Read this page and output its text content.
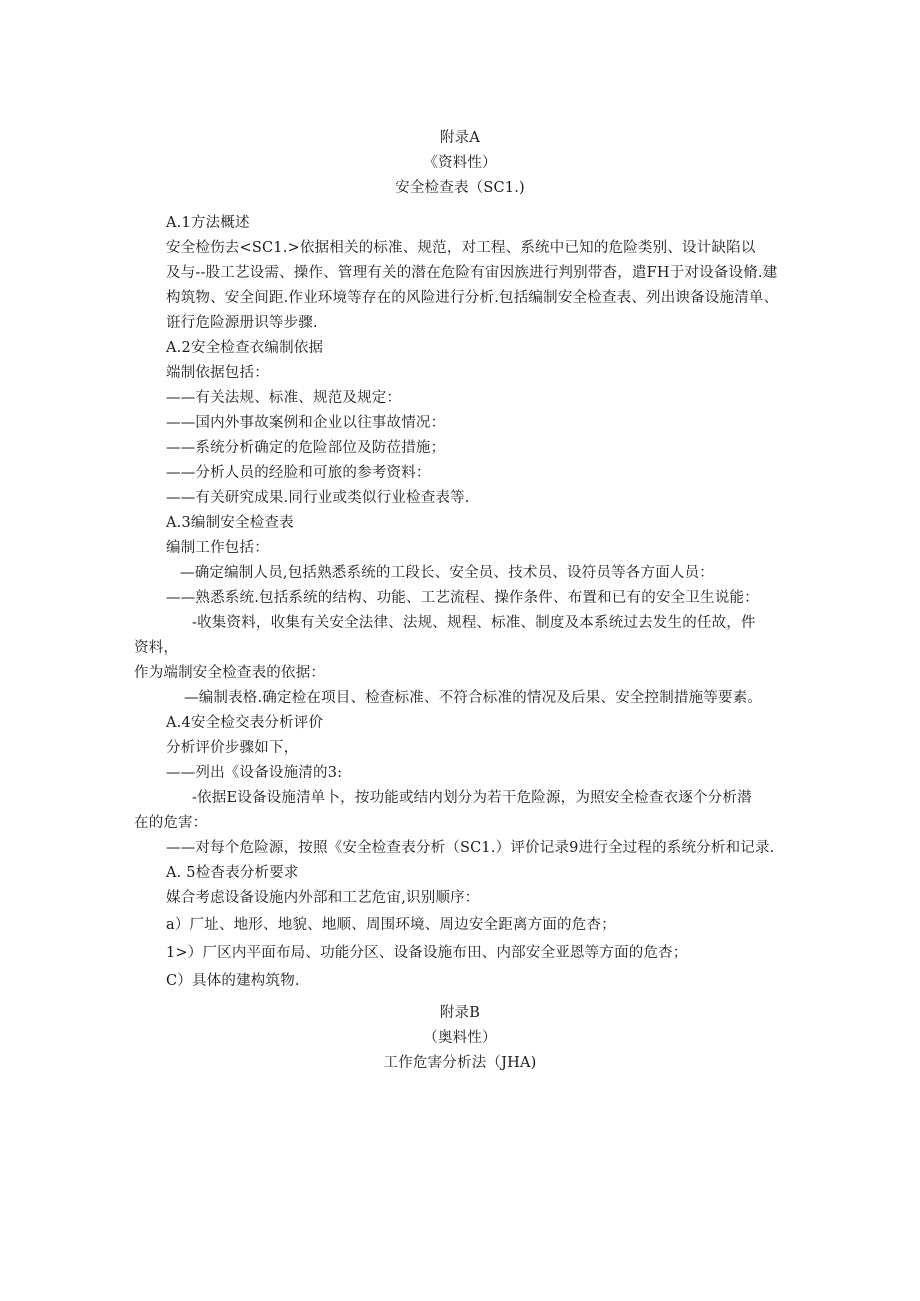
附录A
《资料性）
安全检查表（SC1.)
A.1方法概述
安全检伤去<SC1.>依据相关的标准、规范，对工程、系统中已知的危险类别、设计缺陷以
及与--股工艺设需、操作、管理有关的潜在危险有宙因族进行判别带杳，遣FH于对设备设脩.建
构筑物、安全间距.作业环境等存在的风险进行分析.包括编制安全检查表、列出谀备设施清单、
诳行危险源册识等步骤.
A.2安全检查衣编制依据
端制依据包括：
——有关法规、标准、规范及规定：
——国内外事故案例和企业以往事故情况：
——系统分析确定的危险部位及防莅措施；
——分析人员的经脸和可旅的参考资料：
——有关研究成果.同行业或类似行业检查表等.
A.3编制安全检查表
编制工作包括：
—确定编制人员,包括熟悉系统的工段长、安全员、技术员、设符员等各方面人员：
——熟悉系统.包括系统的结构、功能、工艺流程、操作条件、布置和已有的安全卫生说能：
-收集资料，收集有关安全法律、法规、规程、标准、制度及本系统过去发生的任故，件
资料，
作为端制安全检查表的依据：
—编制表格.确定检在项目、检查标准、不符合标准的情况及后果、安全控制措施等要素。
A.4安全检交表分析评价
分析评价步骤如下，
——列出《设备设施清的3:
-依据E设备设施清单卜，按功能或结内划分为若干危险源，为照安全检查衣逐个分析潜
在的危害：
——对每个危险源，按照《安全检查表分析（SC1.）评价记录9进行全过程的系统分析和记录.
A. 5检杳表分析要求
媒合考虑设备设施内外部和工艺危宙,识别顺序：
a）厂址、地形、地貌、地顺、周围环境、周边安全距离方面的危杏；
1>）厂区内平面布局、功能分区、设备设施布田、内部安全亚恩等方面的危杏；
C）具体的建构筑物.
附录B
（奥料性）
工作危害分析法（JHA)
